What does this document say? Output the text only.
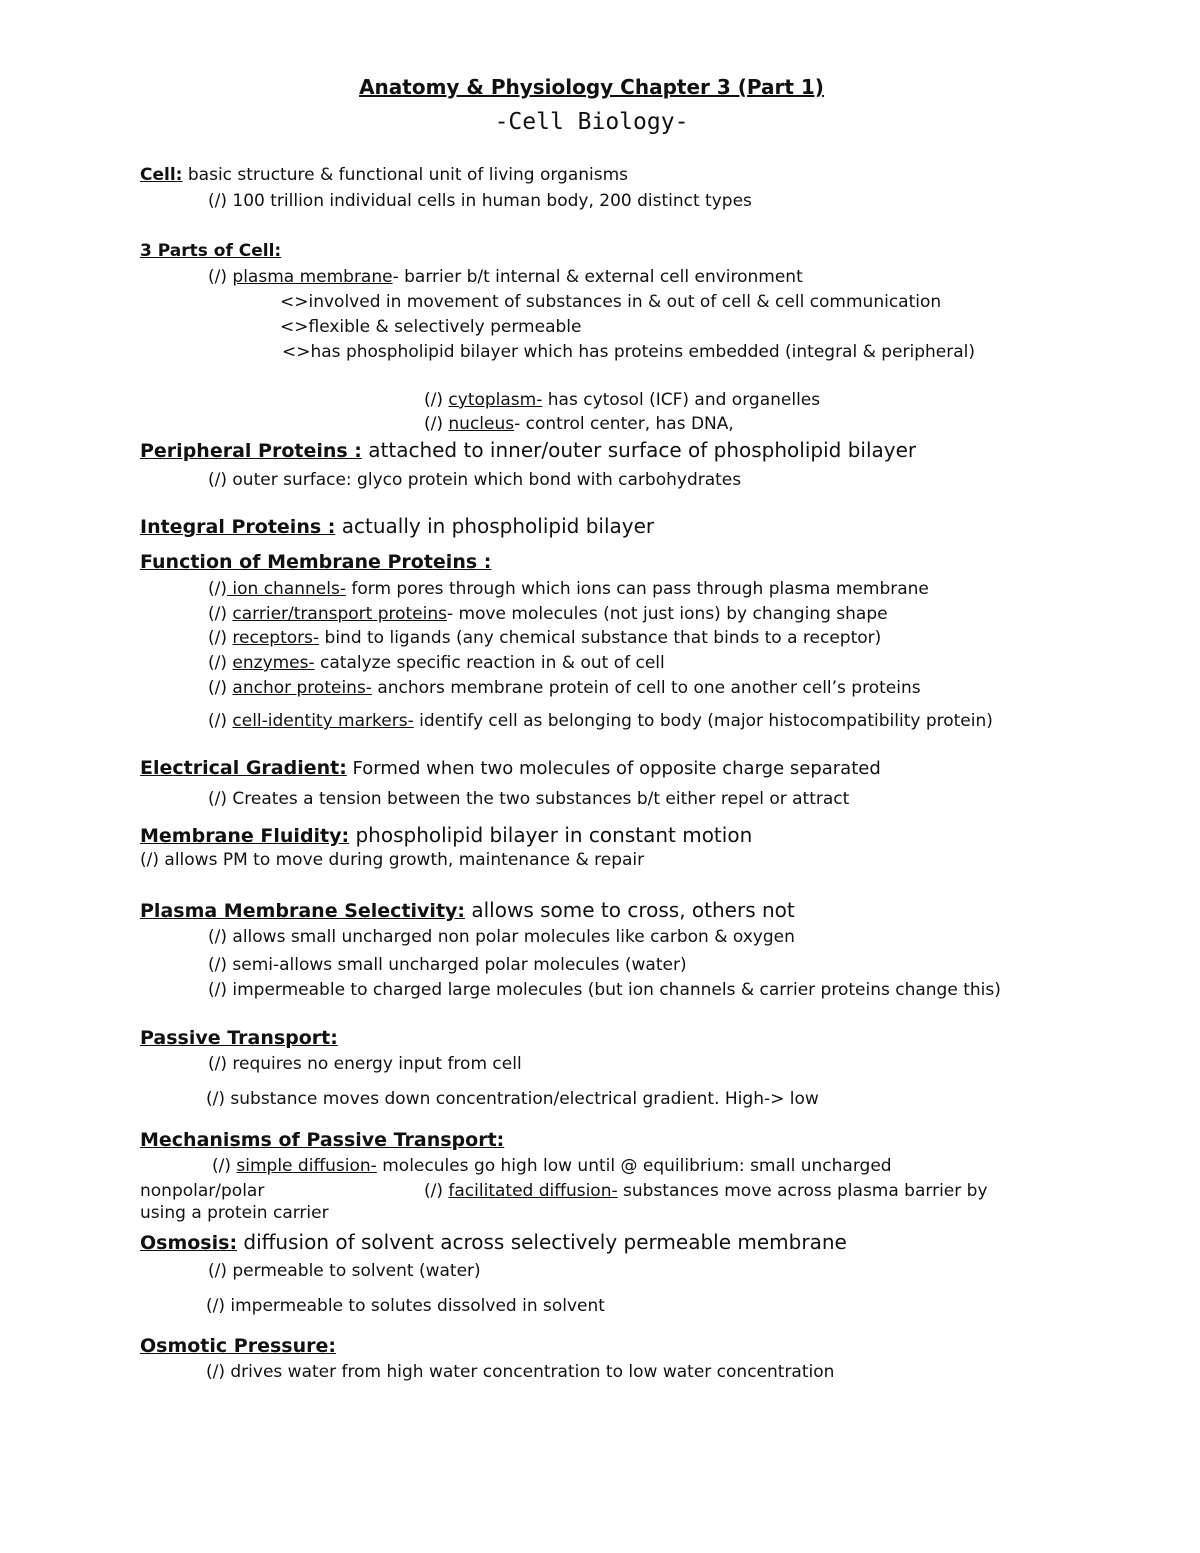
Anatomy & Physiology Chapter 3 (Part 1)
-Cell Biology-
Cell: basic structure & functional unit of living organisms
(/) 100 trillion individual cells in human body, 200 distinct types
3 Parts of Cell:
(/) plasma membrane- barrier b/t internal & external cell environment
<>involved in movement of substances in & out of cell & cell communication
<>flexible & selectively permeable
<>has phospholipid bilayer which has proteins embedded (integral & peripheral)
(/) cytoplasm- has cytosol (ICF) and organelles
(/) nucleus- control center, has DNA,
Peripheral Proteins : attached to inner/outer surface of phospholipid bilayer
(/) outer surface: glyco protein which bond with carbohydrates
Integral Proteins : actually in phospholipid bilayer
Function of Membrane Proteins :
(/) ion channels- form pores through which ions can pass through plasma membrane
(/) carrier/transport proteins- move molecules (not just ions) by changing shape
(/) receptors- bind to ligands (any chemical substance that binds to a receptor)
(/) enzymes- catalyze specific reaction in & out of cell
(/) anchor proteins- anchors membrane protein of cell to one another cell’s proteins
(/) cell-identity markers- identify cell as belonging to body (major histocompatibility protein)
Electrical Gradient: Formed when two molecules of opposite charge separated
(/) Creates a tension between the two substances b/t either repel or attract
Membrane Fluidity: phospholipid bilayer in constant motion
(/) allows PM to move during growth, maintenance & repair
Plasma Membrane Selectivity: allows some to cross, others not
(/) allows small uncharged non polar molecules like carbon & oxygen
(/) semi-allows small uncharged polar molecules (water)
(/) impermeable to charged large molecules (but ion channels & carrier proteins change this)
Passive Transport:
(/) requires no energy input from cell
(/) substance moves down concentration/electrical gradient. High-> low
Mechanisms of Passive Transport:
(/) simple diffusion- molecules go high low until @ equilibrium: small uncharged
nonpolar/polar	(/) facilitated diffusion- substances move across plasma barrier by
using a protein carrier
Osmosis: diffusion of solvent across selectively permeable membrane
(/) permeable to solvent (water)
(/) impermeable to solutes dissolved in solvent
Osmotic Pressure:
(/) drives water from high water concentration to low water concentration
